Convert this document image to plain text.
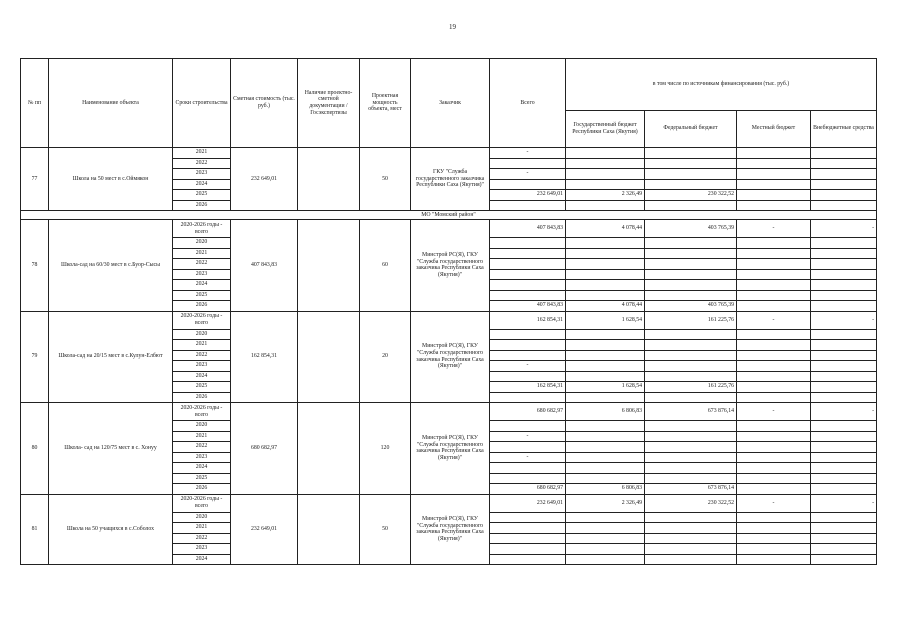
19
№ пп	Наименование объекта	Сроки строительства	Сметная стоимость (тыс. руб.)	Наличие проектно-сметной документации /Госэкспертизы	Проектная мощность объекта, мест	Заказчик	Всего	в том числе по источникам финансирования (тыс. руб.)			
								Государственный бюджет Республики Саха (Якутия)	Федеральный бюджет	Местный бюджет	Внебюджетные средства
77	Школа на 50 мест в с.Оймякон	2021	232 649,01		50	ГКУ "Служба государственного заказчика Республики Саха (Якутия)"	-				
		2022									
		2023					-				
		2024									
		2025					232 649,01	2 326,49	230 322,52		
		2026									
МО "Момский район"											
78	Школа-сад на 60/30 мест в с.Буор-Сысы	2020-2026 годы - всего	407 843,83		60	Минстрой РС(Я), ГКУ "Служба государственного заказчика Республики Саха (Якутия)"	407 843,83	4 078,44	403 765,39	-	-
		2020									
		2021									
		2022									
		2023									
		2024									
		2025									
		2026					407 843,83	4 078,44	403 765,39		
79	Школа-сад на 20/15 мест в с.Кулун-Елбют	2020-2026 годы - всего	162 854,31		20	Минстрой РС(Я), ГКУ "Служба государственного заказчика Республики Саха (Якутия)"	162 854,31	1 628,54	161 225,76	-	-
		2020									
		2021									
		2022									
		2023					-				
		2024									
		2025					162 854,31	1 628,54	161 225,76		
		2026									
80	Школа- сад на 120/75 мест в с. Хонуу	2020-2026 годы - всего	680 682,97		120	Минстрой РС(Я), ГКУ "Служба государственного заказчика Республики Саха (Якутия)"	680 682,97	6 806,83	673 876,14	-	-
		2020									
		2021					-				
		2022									
		2023					-				
		2024									
		2025									
		2026					680 682,97	6 806,83	673 876,14		
81	Школа на 50 учащихся в с.Соболох	2020-2026 годы - всего	232 649,01		50	Минстрой РС(Я), ГКУ "Служба государственного заказчика Республики Саха (Якутия)"	232 649,01	2 326,49	230 322,52	-	-
		2020									
		2021									
		2022									
		2023									
		2024									
